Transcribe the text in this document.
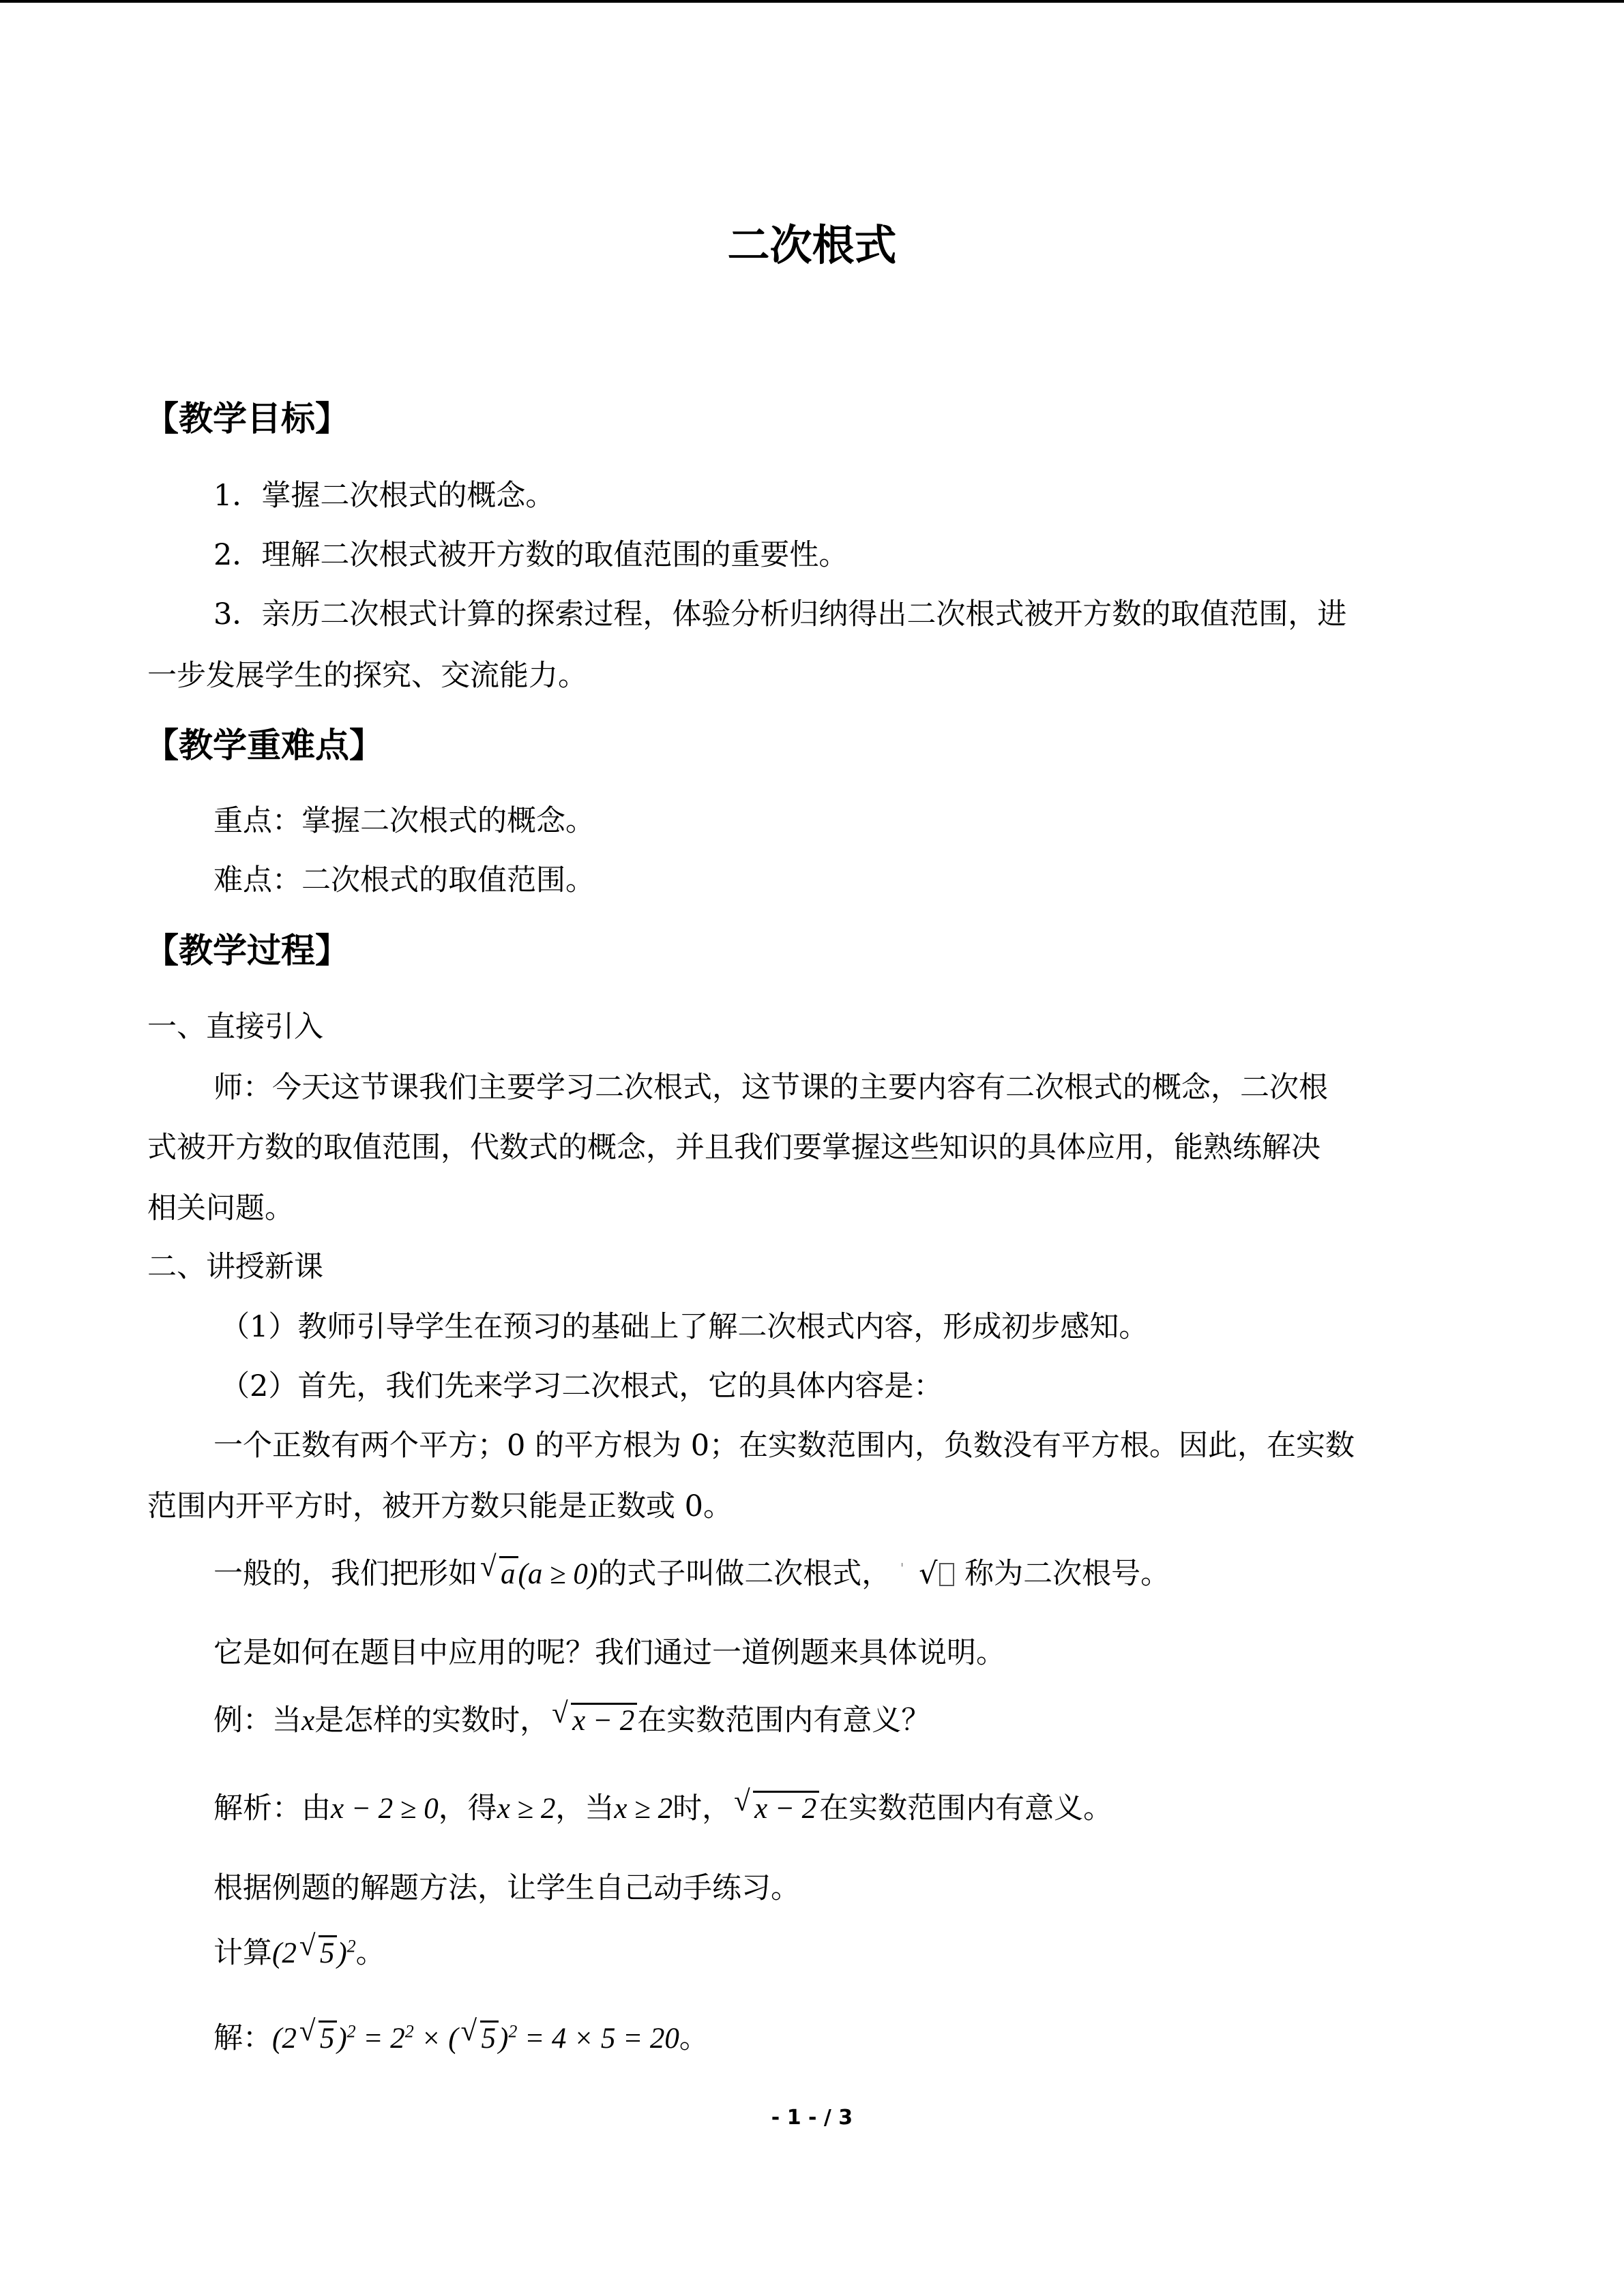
二次根式
【教学目标】
1．掌握二次根式的概念。
2．理解二次根式被开方数的取值范围的重要性。
3．亲历二次根式计算的探索过程，体验分析归纳得出二次根式被开方数的取值范围，进
一步发展学生的探究、交流能力。
【教学重难点】
重点：掌握二次根式的概念。
难点：二次根式的取值范围。
【教学过程】
一、直接引入
师：今天这节课我们主要学习二次根式，这节课的主要内容有二次根式的概念，二次根
式被开方数的取值范围，代数式的概念，并且我们要掌握这些知识的具体应用，能熟练解决
相关问题。
二、讲授新课
（1）教师引导学生在预习的基础上了解二次根式内容，形成初步感知。
（2）首先，我们先来学习二次根式，它的具体内容是：
一个正数有两个平方；0 的平方根为 0；在实数范围内，负数没有平方根。因此，在实数
范围内开平方时，被开方数只能是正数或 0。
一般的，我们把形如 √ a(a ≥ 0)的式子叫做二次根式， ' √ 称为二次根号。
它是如何在题目中应用的呢？我们通过一道例题来具体说明。
例：当x是怎样的实数时， √ x − 2在实数范围内有意义？
解析：由x − 2 ≥ 0，得x ≥ 2，当x ≥ 2时， √ x − 2在实数范围内有意义。
根据例题的解题方法，让学生自己动手练习。
计算(2 √ 5)$^2$。
解：(2 √ $5)^2 = 2^2$ × ( √ 5)$^2$ = 4 × 5 = 20。
- 1 - / 3
